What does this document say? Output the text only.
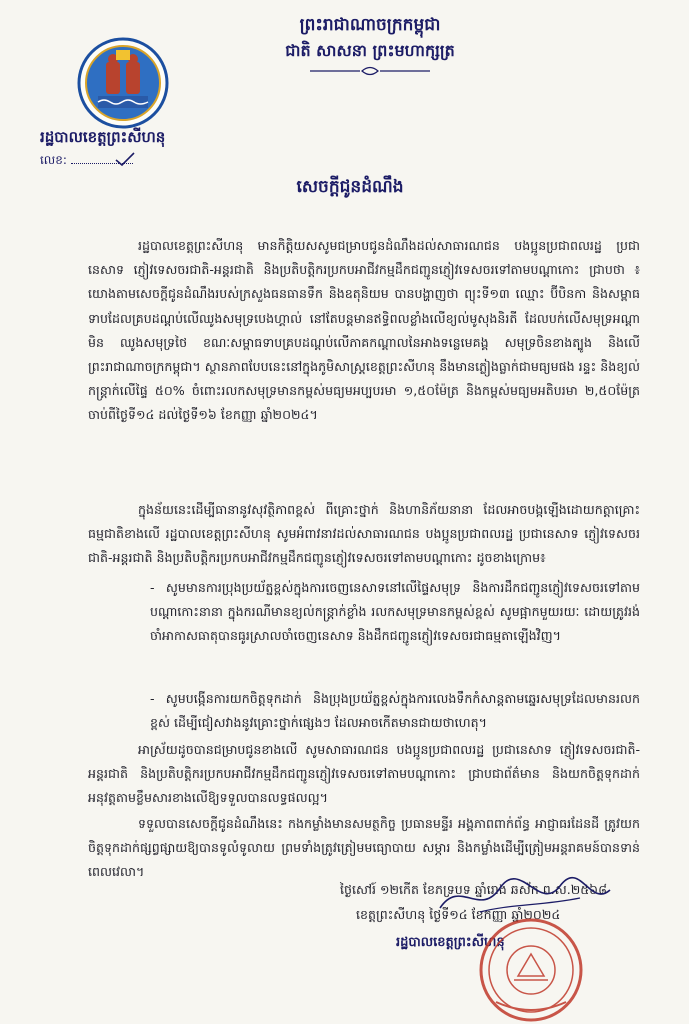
ព្រះរាជាណាចក្រកម្ពុជា
ជាតិ សាសនា ព្រះមហាក្សត្រ
រដ្ឋបាលខេត្តព្រះសីហនុ
លេខ:
សេចក្តីជូនដំណឹង
រដ្ឋបាលខេត្តព្រះសីហនុ មានកិត្តិយសសូមជម្រាបជូនដំណឹងដល់សាធារណជន បងប្អូនប្រជាពលរដ្ឋ ប្រជានេសាទ ភ្ញៀវទេសចរជាតិ-អន្តរជាតិ និងប្រតិបត្តិករប្រកបអាជីវកម្មដឹកជញ្ជូនភ្ញៀវទេសចរទៅតាមបណ្តាកោះ ជ្រាបថា ៖ យោងតាមសេចក្តីជូនដំណឹងរបស់ក្រសួងធនធានទឹក និងឧតុនិយម បានបង្ហាញថា ព្យុះទី១៣ ឈ្មោះ ប៊ីបិនកា និងសម្ពាធទាបដែលគ្របដណ្តប់លើឈូងសមុទ្របេងហ្គាល់ នៅតែបន្តមានឥទ្ធិពលខ្លាំងលើខ្យល់មូសុងនិរតី ដែលបក់លើសមុទ្រអណ្តាមិន ឈូងសមុទ្រថៃ ខណៈសម្ពាធទាបគ្របដណ្តប់លើភាគកណ្តាលនៃអាងទន្លេមេគង្គ សមុទ្រចិនខាងត្បូង និងលើព្រះរាជាណាចក្រកម្ពុជា។ ស្ថានភាពបែបនេះនៅក្នុងភូមិសាស្ត្រខេត្តព្រះសីហនុ នឹងមានភ្លៀងធ្លាក់ជាមធ្យមផង រន្ទះ និងខ្យល់កន្ត្រាក់លើផ្ទៃ ៥០% ចំពោះរលកសមុទ្រមានកម្ពស់មធ្យមអប្បបរមា ១,៥០ម៉ែត្រ និងកម្ពស់មធ្យមអតិបរមា ២,៥០ម៉ែត្រ ចាប់ពីថ្ងៃទី១៤ ដល់ថ្ងៃទី១៦ ខែកញ្ញា ឆ្នាំ២០២៤។
ក្នុងន័យនេះដើម្បីធានានូវសុវត្ថិភាពខ្ពស់ ពីគ្រោះថ្នាក់ និងហានិភ័យនានា ដែលអាចបង្កឡើងដោយកត្តាគ្រោះធម្មជាតិខាងលើ រដ្ឋបាលខេត្តព្រះសីហនុ សូមអំពាវនាវដល់សាធារណជន បងប្អូនប្រជាពលរដ្ឋ ប្រជានេសាទ ភ្ញៀវទេសចរជាតិ-អន្តរជាតិ និងប្រតិបត្តិករប្រកបអាជីវកម្មដឹកជញ្ជូនភ្ញៀវទេសចរទៅតាមបណ្តាកោះ ដូចខាងក្រោម៖
- សូមមានការប្រុងប្រយ័ត្នខ្ពស់ក្នុងការចេញនេសាទនៅលើផ្ទៃសមុទ្រ និងការដឹកជញ្ជូនភ្ញៀវទេសចរទៅតាមបណ្តាកោះនានា ក្នុងករណីមានខ្យល់កន្ត្រាក់ខ្លាំង រលកសមុទ្រមានកម្ពស់ខ្ពស់ សូមផ្អាកមួយរយៈ ដោយត្រូវរង់ចាំអាកាសធាតុបានធូរស្រាលចាំចេញនេសាទ និងដឹកជញ្ជូនភ្ញៀវទេសចរជាធម្មតាឡើងវិញ។
- សូមបង្កើនការយកចិត្តទុកដាក់ និងប្រុងប្រយ័ត្នខ្ពស់ក្នុងការលេងទឹកកំសាន្តតាមឆ្នេរសមុទ្រដែលមានរលកខ្ពស់ ដើម្បីជៀសវាងនូវគ្រោះថ្នាក់ផ្សេងៗ ដែលអាចកើតមានជាយថាហេតុ។
អាស្រ័យដូចបានជម្រាបជូនខាងលើ សូមសាធារណជន បងប្អូនប្រជាពលរដ្ឋ ប្រជានេសាទ ភ្ញៀវទេសចរជាតិ-អន្តរជាតិ និងប្រតិបត្តិករប្រកបអាជីវកម្មដឹកជញ្ជូនភ្ញៀវទេសចរទៅតាមបណ្តាកោះ ជ្រាបជាព័ត៌មាន និងយកចិត្តទុកដាក់អនុវត្តតាមខ្លឹមសារខាងលើឱ្យទទួលបានលទ្ធផលល្អ។
ទទួលបានសេចក្តីជូនដំណឹងនេះ កងកម្លាំងមានសមត្ថកិច្ច ប្រធានមន្ទីរ អង្គភាពពាក់ព័ន្ធ អាជ្ញាធរដែនដី ត្រូវយកចិត្តទុកដាក់ផ្សព្វផ្សាយឱ្យបានទូលំទូលាយ ព្រមទាំងត្រូវត្រៀមមធ្យោបាយ សម្ភារ និងកម្លាំងដើម្បីត្រៀមអន្តរាគមន៍បានទាន់ពេលវេលា។
ថ្ងៃសៅរ៍ ១២កើត ខែភទ្របទ ឆ្នាំរោង ឆស័ក ព.ស.២៥៦៨
ខេត្តព្រះសីហនុ ថ្ងៃទី១៤ ខែកញ្ញា ឆ្នាំ២០២៤
រដ្ឋបាលខេត្តព្រះសីហនុ
